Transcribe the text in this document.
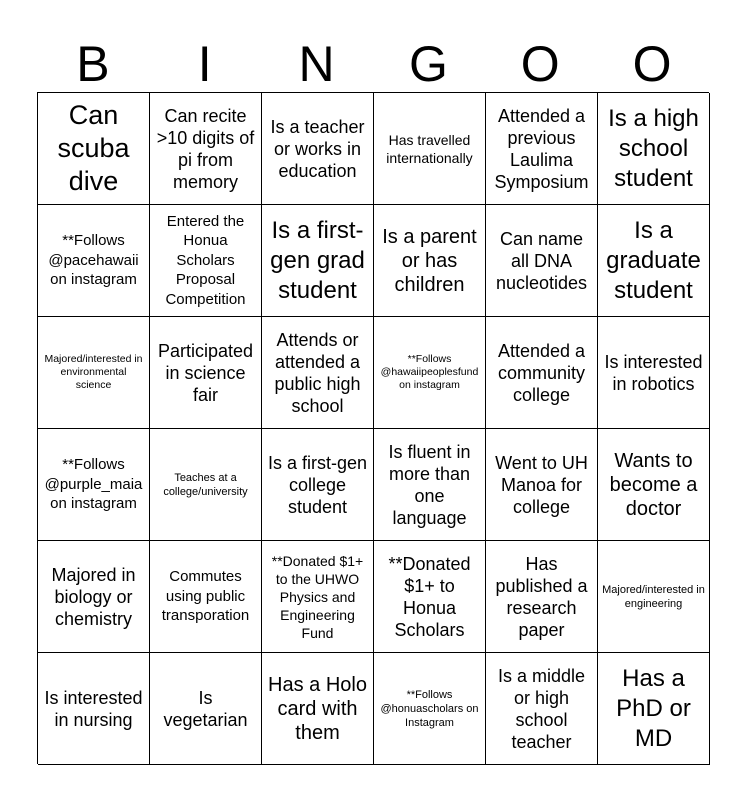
B	I	N	G	O	O
Can scuba dive
Can recite >10 digits of pi from memory
Is a teacher or works in education
Has travelled internationally
Attended a previous Laulima Symposium
Is a high school student
**Follows @pacehawaii on instagram
Entered the Honua Scholars Proposal Competition
Is a first-gen grad student
Is a parent or has children
Can name all DNA nucleotides
Is a graduate student
Majored/interested in environmental science
Participated in science fair
Attends or attended a public high school
**Follows @hawaiipeoplesfund on instagram
Attended a community college
Is interested in robotics
**Follows @purple_maia on instagram
Teaches at a college/university
Is a first-gen college student
Is fluent in more than one language
Went to UH Manoa for college
Wants to become a doctor
Majored in biology or chemistry
Commutes using public transporation
**Donated $1+ to the UHWO Physics and Engineering Fund
**Donated $1+ to Honua Scholars
Has published a research paper
Majored/interested in engineering
Is interested in nursing
Is vegetarian
Has a Holo card with them
**Follows @honuascholars on Instagram
Is a middle or high school teacher
Has a PhD or MD
